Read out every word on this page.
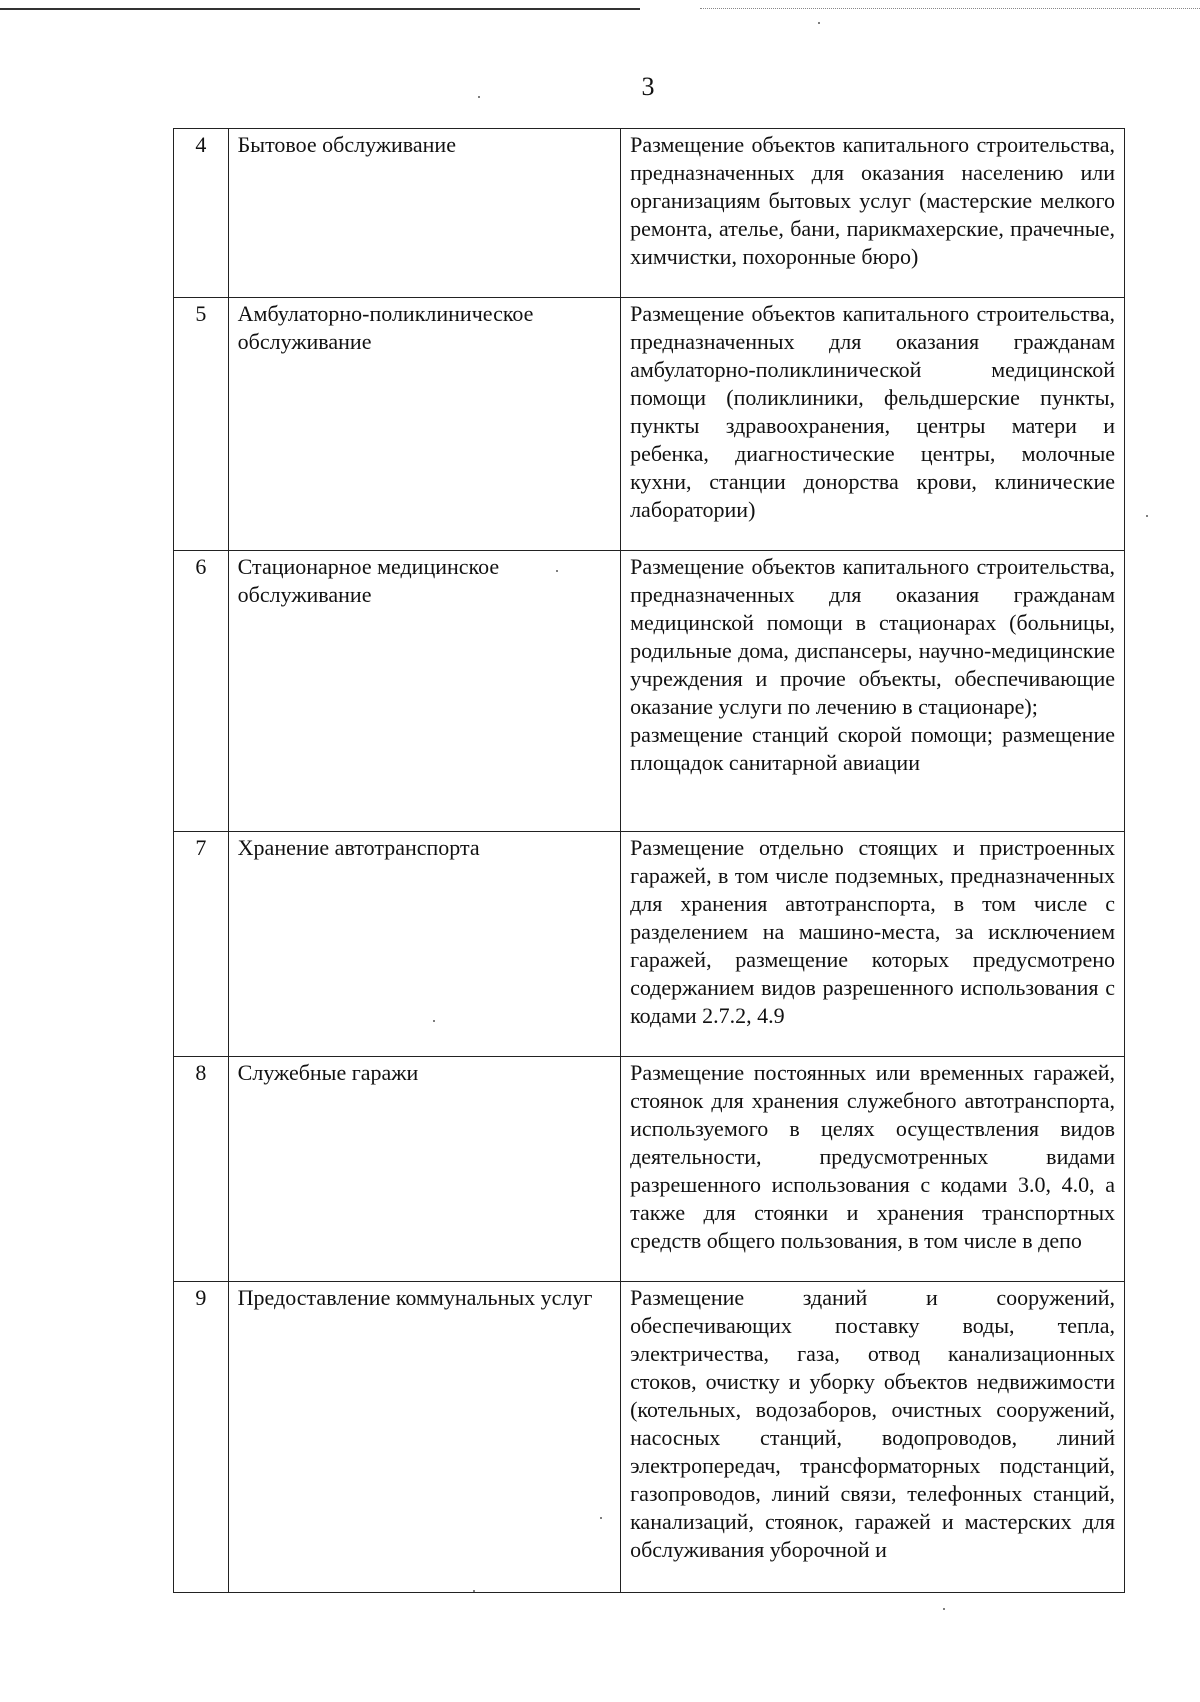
3
4	Бытовое обслуживание	Размещение объектов капитального строительства, предназначенных для оказания населению или организациям бытовых услуг (мастерские мелкого ремонта, ателье, бани, парикмахерские, прачечные, химчистки, похоронные бюро)

5	Амбулаторно-поликлиническое обслуживание	Размещение объектов капитального строительства, предназначенных для оказания гражданам амбулаторно-поликлинической медицинской помощи (поликлиники, фельдшерские пункты, пункты здравоохранения, центры матери и ребенка, диагностические центры, молочные кухни, станции донорства крови, клинические лаборатории)

6	Стационарное медицинское обслуживание	Размещение объектов капитального строительства, предназначенных для оказания гражданам медицинской помощи в стационарах (больницы, родильные дома, диспансеры, научно-медицинские учреждения и прочие объекты, обеспечивающие оказание услуги по лечению в стационаре);
размещение станций скорой помощи; размещение площадок санитарной авиации

7	Хранение автотранспорта	Размещение отдельно стоящих и пристроенных гаражей, в том числе подземных, предназначенных для хранения автотранспорта, в том числе с разделением на машино-места, за исключением гаражей, размещение которых предусмотрено содержанием видов разрешенного использования с кодами 2.7.2, 4.9

8	Служебные гаражи	Размещение постоянных или временных гаражей, стоянок для хранения служебного автотранспорта, используемого в целях осуществления видов деятельности, предусмотренных видами разрешенного использования с кодами 3.0, 4.0, а также для стоянки и хранения транспортных средств общего пользования, в том числе в депо

9	Предоставление коммунальных услуг	Размещение зданий и сооружений, обеспечивающих поставку воды, тепла, электричества, газа, отвод канализационных стоков, очистку и уборку объектов недвижимости (котельных, водозаборов, очистных сооружений, насосных станций, водопроводов, линий электропередач, трансформаторных подстанций, газопроводов, линий связи, телефонных станций, канализаций, стоянок, гаражей и мастерских для обслуживания уборочной и
